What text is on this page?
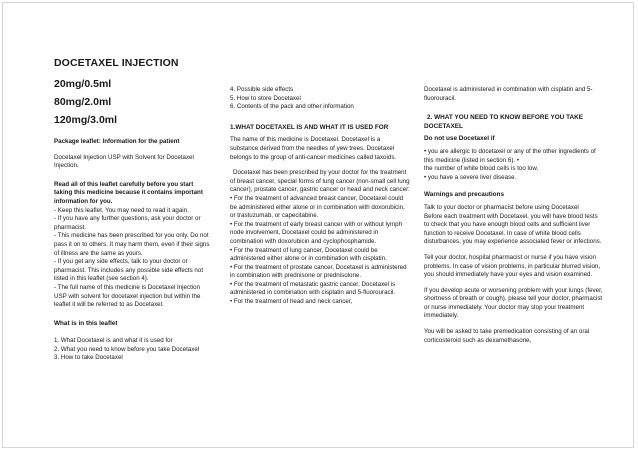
DOCETAXEL INJECTION
20mg/0.5ml
80mg/2.0ml
120mg/3.0ml

Package leaflet: Information for the patient

Docetaxel Injection USP with Solvent for Docetaxel Injection.

Read all of this leaflet carefully before you start taking this medicine because it contains important information for you.

- Keep this leaflet. You may need to read it again.
- If you have any further questions, ask your doctor or pharmacist.
- This medicine has been prescribed for you only. Do not pass it on to others. It may harm them, even if their signs of illness are the same as yours.
- If you get any side effects, talk to your doctor or pharmacist. This includes any possible side effects not listed in this leaflet (see section 4).
- The full name of this medicine is Docetaxel Injection USP with solvent for docetaxel injection but within the leaflet it will be referred to as Docetaxel.

What is in this leaflet

1. What Docetaxel is and what it is used for
2. What you need to know before you take Docetaxel
3. How to take Docetaxel
4. Possible side effects
5. How to store Docetaxel
6. Contents of the pack and other information

1.WHAT DOCETAXEL IS AND WHAT IT IS USED FOR

The name of this medicine is Docetaxel. Docetaxel is a substance derived from the needles of yew trees. Docetaxel belongs to the group of anti-cancer medicines called taxoids.

Docetaxel has been prescribed by your doctor for the treatment of breast cancer, special forms of lung cancer (non-small cell lung cancer), prostate cancer, gastric cancer or head and neck cancer:

• For the treatment of advanced breast cancer, Docetaxel could be administered either alone or in combination with doxorubicin, or trastuzumab, or capecitabine.
• For the treatment of early breast cancer with or without lymph node involvement, Docetaxel could be administered in combination with doxorubicin and cyclophosphamide.
• For the treatment of lung cancer, Docetaxel could be administered either alone or in combination with cisplatin.
• For the treatment of prostate cancer, Docetaxel is administered in combination with prednisone or prednisolone.
• For the treatment of metastatic gastric cancer, Docetaxel is administered in combination with cisplatin and 5-fluorouracil.
• For the treatment of head and neck cancer,

Docetaxel is administered in combination with cisplatin and 5- fluorouracil.

2. WHAT YOU NEED TO KNOW BEFORE YOU TAKE DOCETAXEL

Do not use Docetaxel if

• you are allergic to docetaxel or any of the other ingredients of this medicine (listed in section 6). •
the number of white blood cells is too low.
• you have a severe liver disease.

Warnings and precautions

Talk to your doctor or pharmacist before using Docetaxel

Before each treatment with Docetaxel, you will have blood tests to check that you have enough blood cells and sufficient liver function to receive Docetaxel. In case of white blood cells disturbances, you may experience associated fever or infections.

Tell your doctor, hospital pharmacist or nurse if you have vision problems. In case of vision problems, in particular blurred vision, you should immediately have your eyes and vision examined.

If you develop acute or worsening problem with your lungs (fever, shortness of breath or cough), please tell your doctor, pharmacist or nurse immediately. Your doctor may stop your treatment immediately.

You will be asked to take premedication consisting of an oral corticosteroid such as dexamethasone,
